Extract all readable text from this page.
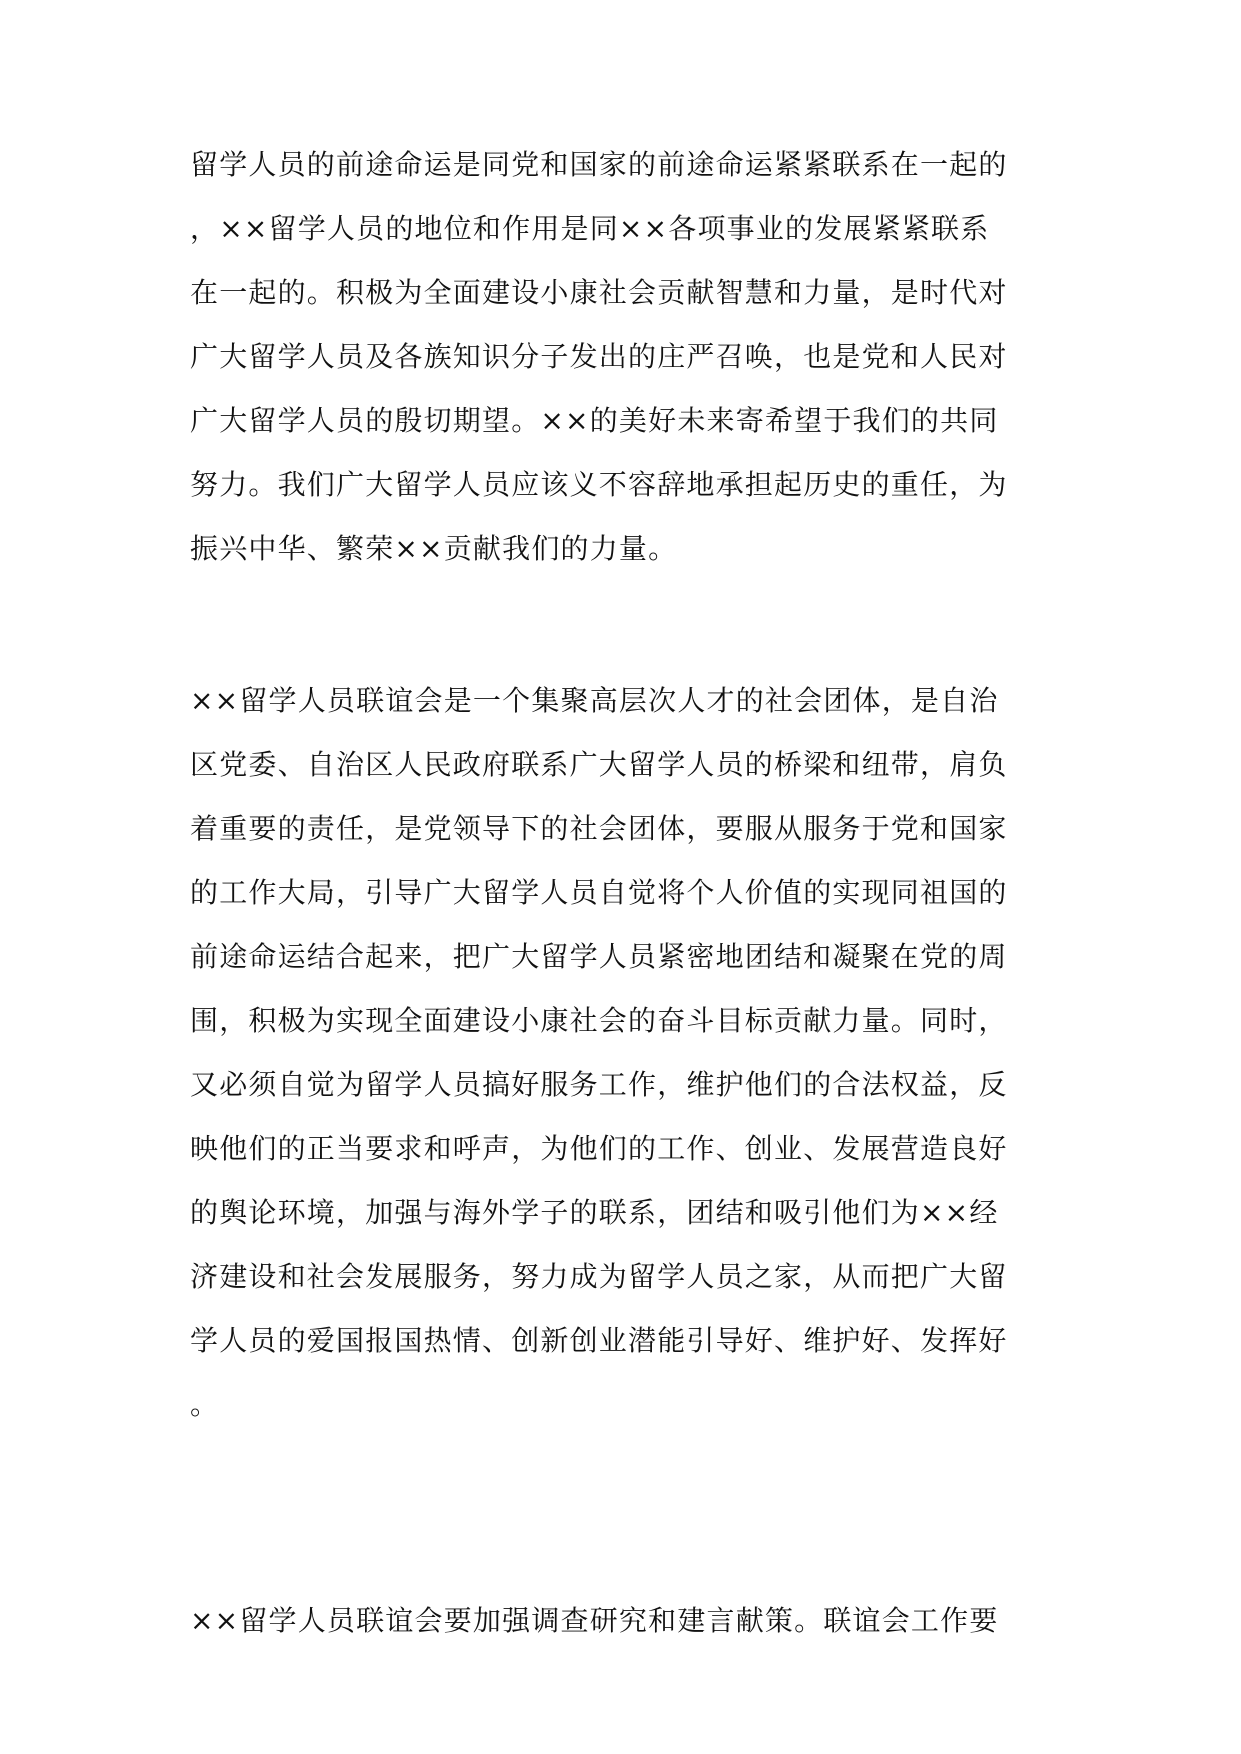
留学人员的前途命运是同党和国家的前途命运紧紧联系在一起的
，××留学人员的地位和作用是同××各项事业的发展紧紧联系
在一起的。积极为全面建设小康社会贡献智慧和力量，是时代对
广大留学人员及各族知识分子发出的庄严召唤，也是党和人民对
广大留学人员的殷切期望。××的美好未来寄希望于我们的共同
努力。我们广大留学人员应该义不容辞地承担起历史的重任，为
振兴中华、繁荣××贡献我们的力量。
××留学人员联谊会是一个集聚高层次人才的社会团体，是自治
区党委、自治区人民政府联系广大留学人员的桥梁和纽带，肩负
着重要的责任，是党领导下的社会团体，要服从服务于党和国家
的工作大局，引导广大留学人员自觉将个人价值的实现同祖国的
前途命运结合起来，把广大留学人员紧密地团结和凝聚在党的周
围，积极为实现全面建设小康社会的奋斗目标贡献力量。同时，
又必须自觉为留学人员搞好服务工作，维护他们的合法权益，反
映他们的正当要求和呼声，为他们的工作、创业、发展营造良好
的舆论环境，加强与海外学子的联系，团结和吸引他们为××经
济建设和社会发展服务，努力成为留学人员之家，从而把广大留
学人员的爱国报国热情、创新创业潜能引导好、维护好、发挥好
。
××留学人员联谊会要加强调查研究和建言献策。联谊会工作要
